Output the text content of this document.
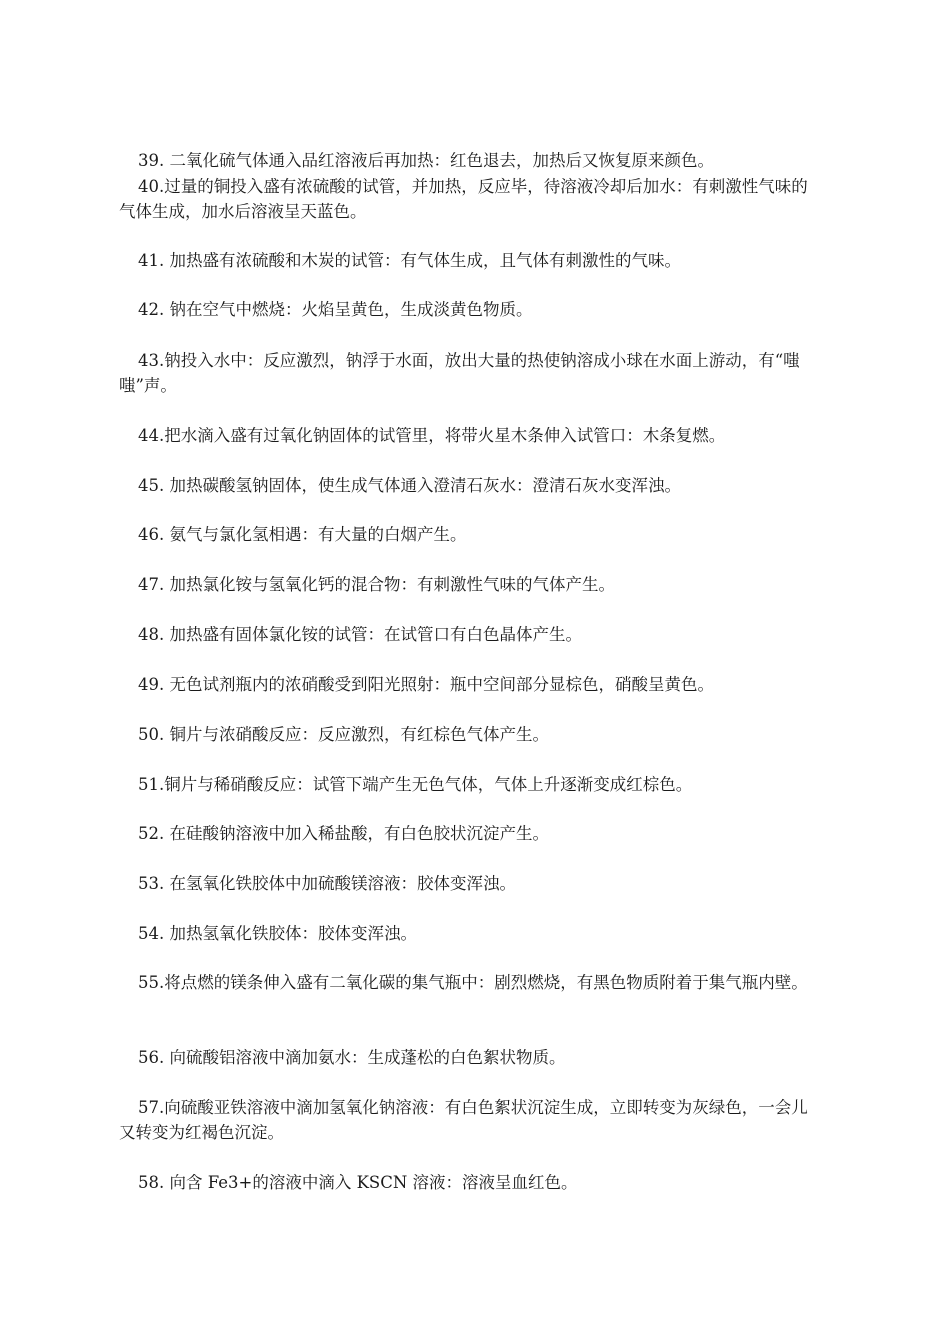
39. 二氧化硫气体通入品红溶液后再加热：红色退去，加热后又恢复原来颜色。

40.过量的铜投入盛有浓硫酸的试管，并加热，反应毕，待溶液冷却后加水：有刺激性气味的气体生成，加水后溶液呈天蓝色。

41. 加热盛有浓硫酸和木炭的试管：有气体生成，且气体有刺激性的气味。

42. 钠在空气中燃烧：火焰呈黄色，生成淡黄色物质。

43.钠投入水中：反应激烈，钠浮于水面，放出大量的热使钠溶成小球在水面上游动，有“嗤嗤”声。

44.把水滴入盛有过氧化钠固体的试管里，将带火星木条伸入试管口：木条复燃。

45. 加热碳酸氢钠固体，使生成气体通入澄清石灰水：澄清石灰水变浑浊。

46. 氨气与氯化氢相遇：有大量的白烟产生。

47. 加热氯化铵与氢氧化钙的混合物：有刺激性气味的气体产生。

48. 加热盛有固体氯化铵的试管：在试管口有白色晶体产生。

49. 无色试剂瓶内的浓硝酸受到阳光照射：瓶中空间部分显棕色，硝酸呈黄色。

50. 铜片与浓硝酸反应：反应激烈，有红棕色气体产生。

51.铜片与稀硝酸反应：试管下端产生无色气体，气体上升逐渐变成红棕色。

52. 在硅酸钠溶液中加入稀盐酸，有白色胶状沉淀产生。

53. 在氢氧化铁胶体中加硫酸镁溶液：胶体变浑浊。

54. 加热氢氧化铁胶体：胶体变浑浊。

55.将点燃的镁条伸入盛有二氧化碳的集气瓶中：剧烈燃烧，有黑色物质附着于集气瓶内壁。

56. 向硫酸铝溶液中滴加氨水：生成蓬松的白色絮状物质。

57.向硫酸亚铁溶液中滴加氢氧化钠溶液：有白色絮状沉淀生成，立即转变为灰绿色，一会儿又转变为红褐色沉淀。

58. 向含 Fe3+的溶液中滴入 KSCN 溶液：溶液呈血红色。
